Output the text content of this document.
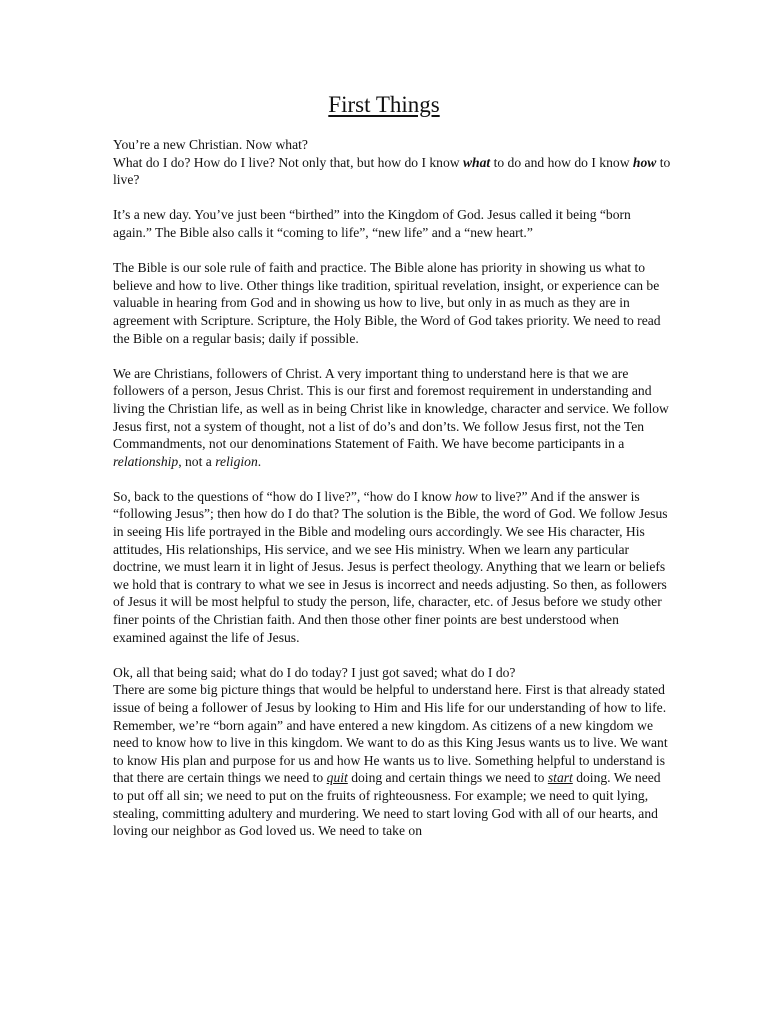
First Things

You’re a new Christian. Now what?
What do I do? How do I live? Not only that, but how do I know what to do and how do I know how to live?

It’s a new day. You’ve just been “birthed” into the Kingdom of God. Jesus called it being “born again.” The Bible also calls it “coming to life”, “new life” and a “new heart.”

The Bible is our sole rule of faith and practice. The Bible alone has priority in showing us what to believe and how to live. Other things like tradition, spiritual revelation, insight, or experience can be valuable in hearing from God and in showing us how to live, but only in as much as they are in agreement with Scripture. Scripture, the Holy Bible, the Word of God takes priority. We need to read the Bible on a regular basis; daily if possible.

We are Christians, followers of Christ. A very important thing to understand here is that we are followers of a person, Jesus Christ. This is our first and foremost requirement in understanding and living the Christian life, as well as in being Christ like in knowledge, character and service. We follow Jesus first, not a system of thought, not a list of do’s and don’ts. We follow Jesus first, not the Ten Commandments, not our denominations Statement of Faith. We have become participants in a relationship, not a religion.

So, back to the questions of “how do I live?”, “how do I know how to live?” And if the answer is “following Jesus”; then how do I do that? The solution is the Bible, the word of God. We follow Jesus in seeing His life portrayed in the Bible and modeling ours accordingly. We see His character, His attitudes, His relationships, His service, and we see His ministry. When we learn any particular doctrine, we must learn it in light of Jesus. Jesus is perfect theology. Anything that we learn or beliefs we hold that is contrary to what we see in Jesus is incorrect and needs adjusting. So then, as followers of Jesus it will be most helpful to study the person, life, character, etc. of Jesus before we study other finer points of the Christian faith. And then those other finer points are best understood when examined against the life of Jesus.

Ok, all that being said; what do I do today? I just got saved; what do I do?
There are some big picture things that would be helpful to understand here. First is that already stated issue of being a follower of Jesus by looking to Him and His life for our understanding of how to life. Remember, we’re “born again” and have entered a new kingdom. As citizens of a new kingdom we need to know how to live in this kingdom. We want to do as this King Jesus wants us to live. We want to know His plan and purpose for us and how He wants us to live. Something helpful to understand is that there are certain things we need to quit doing and certain things we need to start doing. We need to put off all sin; we need to put on the fruits of righteousness. For example; we need to quit lying, stealing, committing adultery and murdering. We need to start loving God with all of our hearts, and loving our neighbor as God loved us. We need to take on
